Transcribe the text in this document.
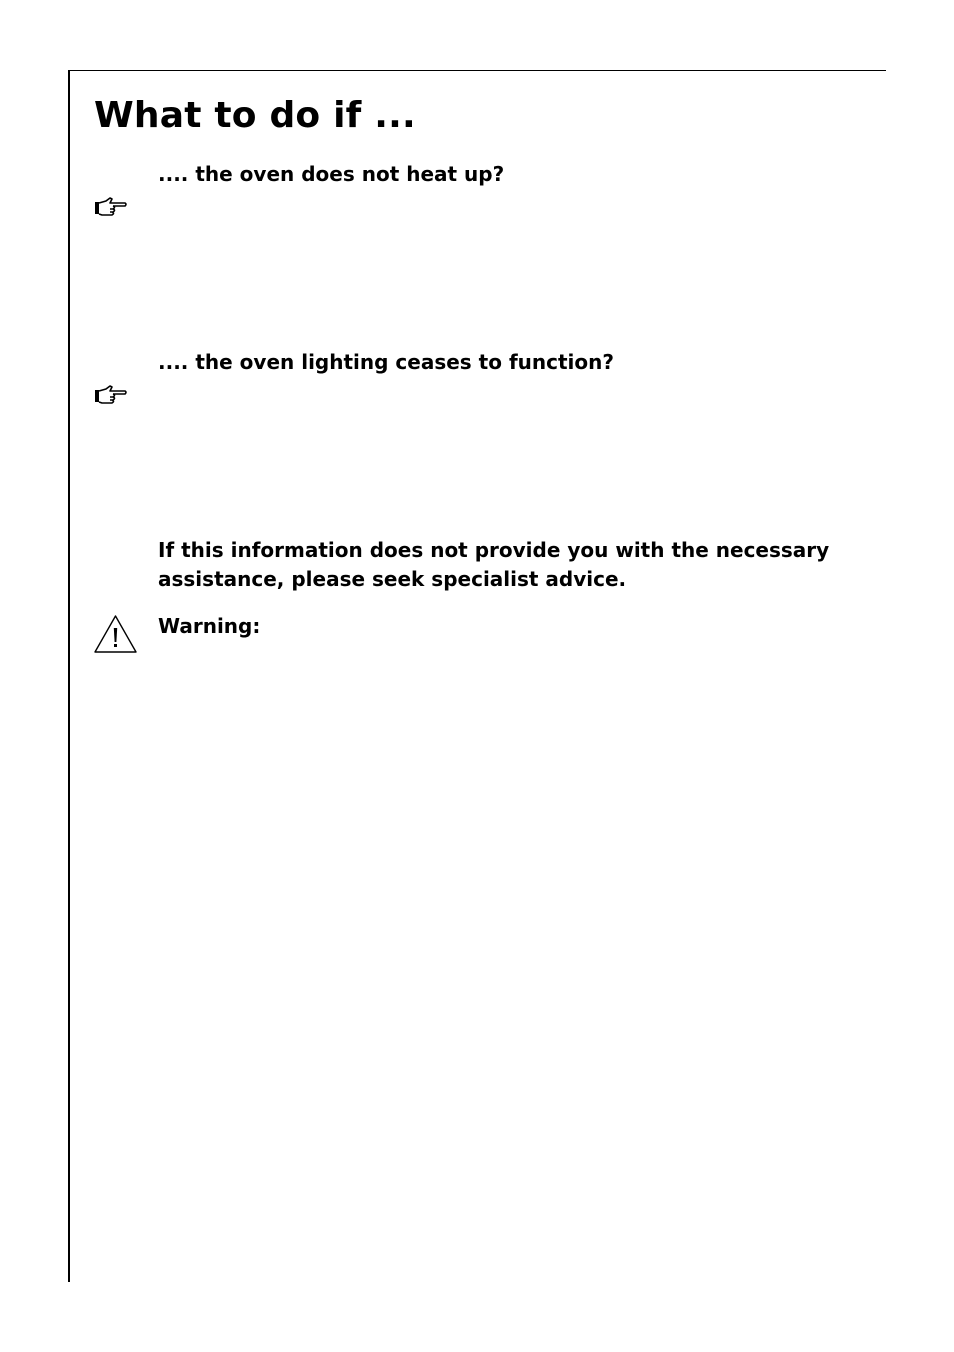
What to do if ...

.... the oven does not heat up?

.... the oven lighting ceases to function?

If this information does not provide you with the necessary assistance, please seek specialist advice.

Warning:
